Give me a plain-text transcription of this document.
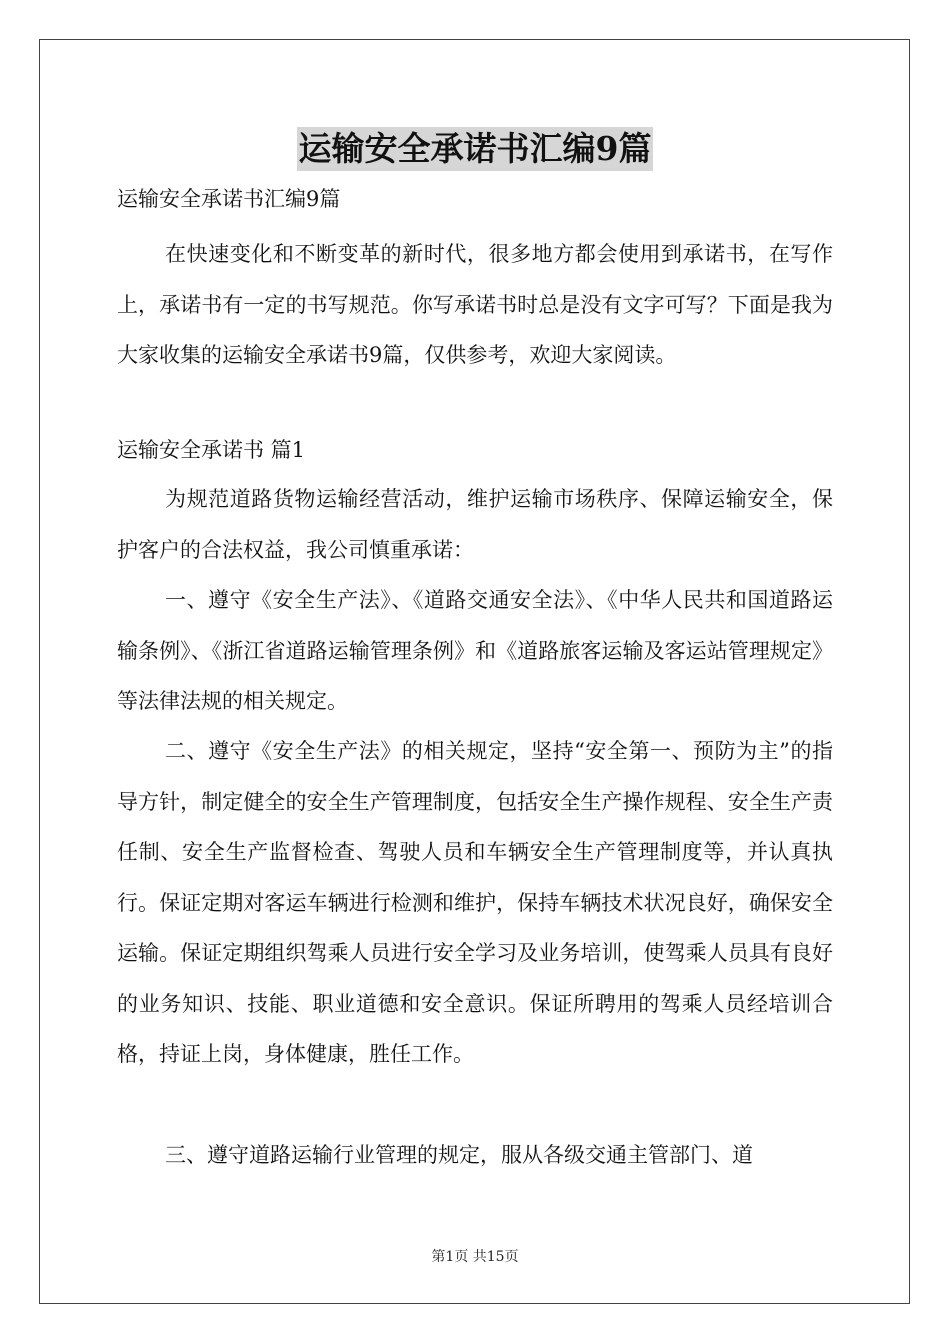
运输安全承诺书汇编9篇
运输安全承诺书汇编9篇

在快速变化和不断变革的新时代，很多地方都会使用到承诺书，在写作上，承诺书有一定的书写规范。你写承诺书时总是没有文字可写？下面是我为大家收集的运输安全承诺书9篇，仅供参考，欢迎大家阅读。

运输安全承诺书 篇1

为规范道路货物运输经营活动，维护运输市场秩序、保障运输安全，保护客户的合法权益，我公司慎重承诺：

一、遵守《安全生产法》、《道路交通安全法》、《中华人民共和国道路运输条例》、《浙江省道路运输管理条例》和《道路旅客运输及客运站管理规定》等法律法规的相关规定。

二、遵守《安全生产法》的相关规定，坚持“安全第一、预防为主”的指导方针，制定健全的安全生产管理制度，包括安全生产操作规程、安全生产责任制、安全生产监督检查、驾驶人员和车辆安全生产管理制度等，并认真执行。保证定期对客运车辆进行检测和维护，保持车辆技术状况良好，确保安全运输。保证定期组织驾乘人员进行安全学习及业务培训，使驾乘人员具有良好的业务知识、技能、职业道德和安全意识。保证所聘用的驾乘人员经培训合格，持证上岗，身体健康，胜任工作。

三、遵守道路运输行业管理的规定，服从各级交通主管部门、道

第1页 共15页
